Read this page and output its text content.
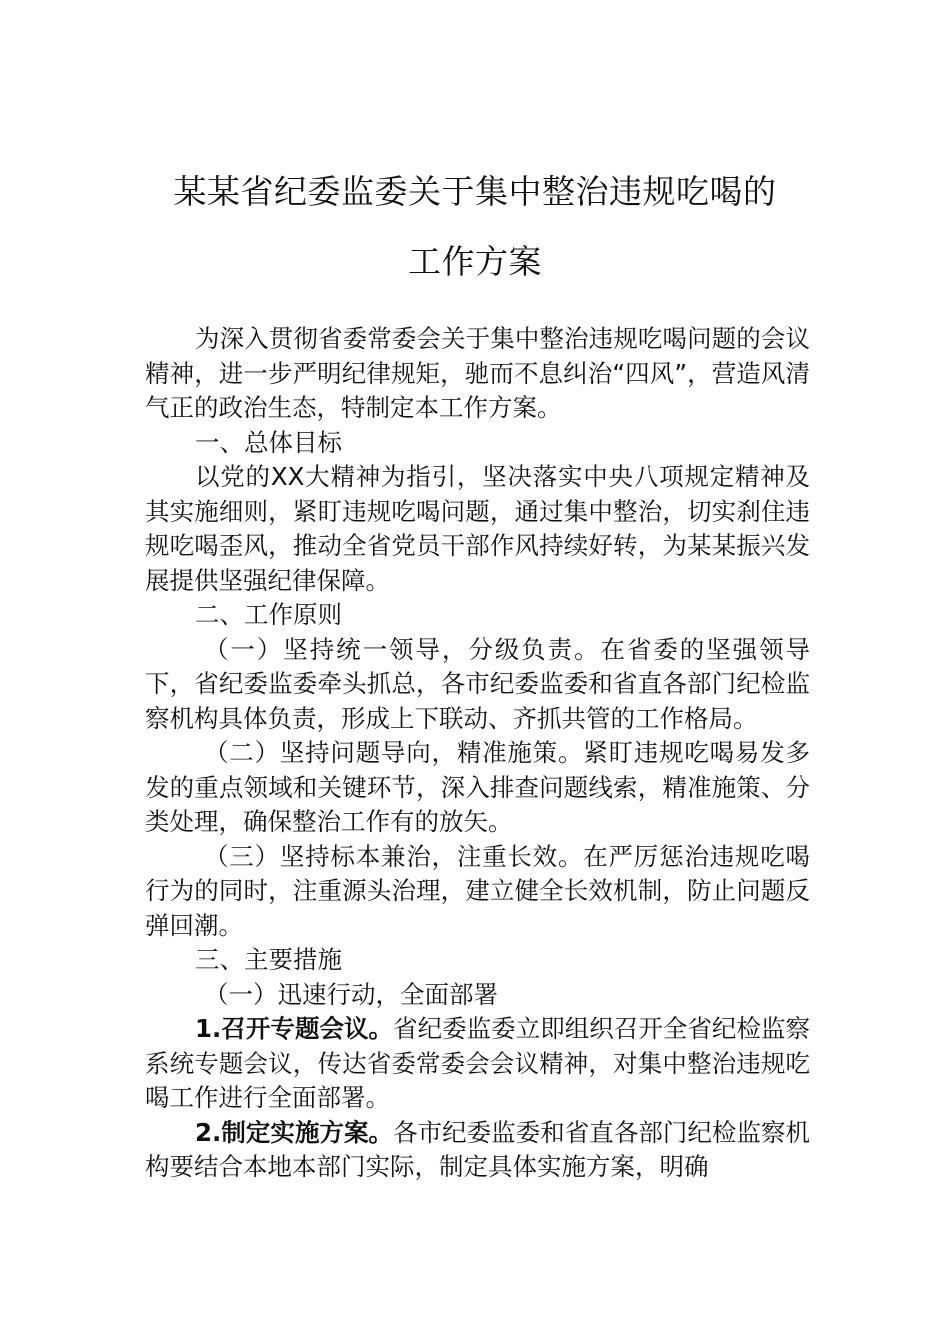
某某省纪委监委关于集中整治违规吃喝的
工作方案

为深入贯彻省委常委会关于集中整治违规吃喝问题的会议精神，进一步严明纪律规矩，驰而不息纠治“四风”，营造风清气正的政治生态，特制定本工作方案。

一、总体目标

以党的XX大精神为指引，坚决落实中央八项规定精神及其实施细则，紧盯违规吃喝问题，通过集中整治，切实刹住违规吃喝歪风，推动全省党员干部作风持续好转，为某某振兴发展提供坚强纪律保障。

二、工作原则

（一）坚持统一领导，分级负责。在省委的坚强领导下，省纪委监委牵头抓总，各市纪委监委和省直各部门纪检监察机构具体负责，形成上下联动、齐抓共管的工作格局。

（二）坚持问题导向，精准施策。紧盯违规吃喝易发多发的重点领域和关键环节，深入排查问题线索，精准施策、分类处理，确保整治工作有的放矢。

（三）坚持标本兼治，注重长效。在严厉惩治违规吃喝行为的同时，注重源头治理，建立健全长效机制，防止问题反弹回潮。

三、主要措施

（一）迅速行动，全面部署

1.召开专题会议。省纪委监委立即组织召开全省纪检监察系统专题会议，传达省委常委会会议精神，对集中整治违规吃喝工作进行全面部署。

2.制定实施方案。各市纪委监委和省直各部门纪检监察机构要结合本地本部门实际，制定具体实施方案，明确
